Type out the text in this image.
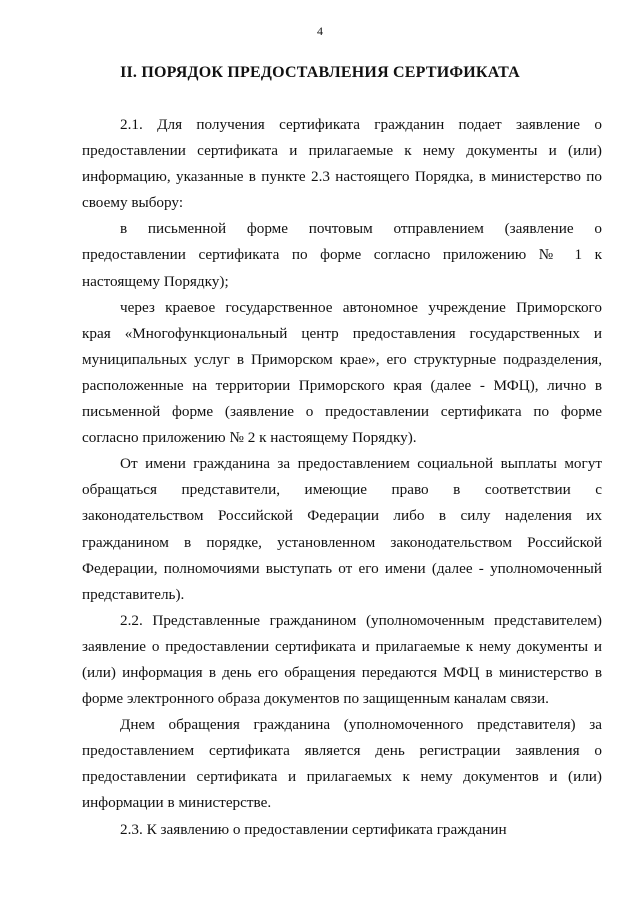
4
II. ПОРЯДОК ПРЕДОСТАВЛЕНИЯ СЕРТИФИКАТА

2.1. Для получения сертификата гражданин подает заявление о предоставлении сертификата и прилагаемые к нему документы и (или) информацию, указанные в пункте 2.3 настоящего Порядка, в министерство по своему выбору:

в письменной форме почтовым отправлением (заявление о предоставлении сертификата по форме согласно приложению № 1 к настоящему Порядку);

через краевое государственное автономное учреждение Приморского края «Многофункциональный центр предоставления государственных и муниципальных услуг в Приморском крае», его структурные подразделения, расположенные на территории Приморского края (далее - МФЦ), лично в письменной форме (заявление о предоставлении сертификата по форме согласно приложению № 2 к настоящему Порядку).

От имени гражданина за предоставлением социальной выплаты могут обращаться представители, имеющие право в соответствии с законодательством Российской Федерации либо в силу наделения их гражданином в порядке, установленном законодательством Российской Федерации, полномочиями выступать от его имени (далее - уполномоченный представитель).

2.2. Представленные гражданином (уполномоченным представителем) заявление о предоставлении сертификата и прилагаемые к нему документы и (или) информация в день его обращения передаются МФЦ в министерство в форме электронного образа документов по защищенным каналам связи.

Днем обращения гражданина (уполномоченного представителя) за предоставлением сертификата является день регистрации заявления о предоставлении сертификата и прилагаемых к нему документов и (или) информации в министерстве.

2.3. К заявлению о предоставлении сертификата гражданин
